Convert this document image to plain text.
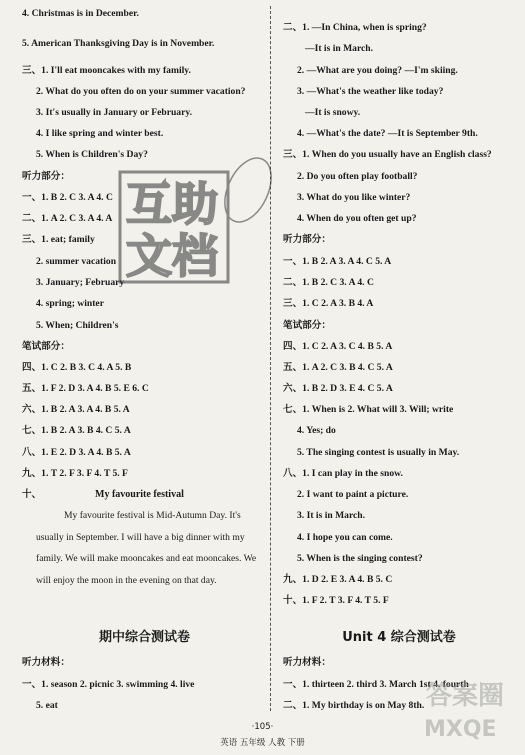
4. Christmas is in December.
5. American Thanksgiving Day is in November.
三、1. I'll eat mooncakes with my family.
2. What do you often do on your summer vacation?
3. It's usually in January or February.
4. I like spring and winter best.
5. When is Children's Day?
听力部分：
一、1. B 2. C 3. A 4. C
二、1. A 2. C 3. A 4. A
三、1. eat; family
2. summer vacation
3. January; February
4. spring; winter
5. When; Children's
笔试部分：
四、1. C 2. B 3. C 4. A 5. B
五、1. F 2. D 3. A 4. B 5. E 6. C
六、1. B 2. A 3. A 4. B 5. A
七、1. B 2. A 3. B 4. C 5. A
八、1. E 2. D 3. A 4. B 5. A
九、1. T 2. F 3. F 4. T 5. F
十、
听力材料：
一、1. season 2. picnic 3. swimming 4. live
5. eat
二、1. —In China, when is spring?
—It is in March.
2. —What are you doing? —I'm skiing.
3. —What's the weather like today?
—It is snowy.
4. —What's the date? —It is September 9th.
三、1. When do you usually have an English class?
2. Do you often play football?
3. What do you like winter?
4. When do you often get up?
听力部分：
一、1. B 2. A 3. A 4. C 5. A
二、1. B 2. C 3. A 4. C
三、1. C 2. A 3. B 4. A
笔试部分：
四、1. C 2. A 3. C 4. B 5. A
五、1. A 2. C 3. B 4. C 5. A
六、1. B 2. D 3. E 4. C 5. A
七、1. When is 2. What will 3. Will; write
4. Yes; do
5. The singing contest is usually in May.
八、1. I can play in the snow.
2. I want to paint a picture.
3. It is in March.
4. I hope you can come.
5. When is the singing contest?
九、1. D 2. E 3. A 4. B 5. C
十、1. F 2. T 3. F 4. T 5. F
听力材料：
一、1. thirteen 2. third 3. March 1st 4. fourth
二、1. My birthday is on May 8th.
My favourite festival
My favourite festival is Mid-Autumn Day. It's usually in September. I will have a big dinner with my family. We will make mooncakes and eat mooncakes. We will enjoy the moon in the evening on that day.
期中综合测试卷	Unit 4 综合测试卷
·105·
英语 五年级 人教 下册
互助
文档
答案圈
MXQE
